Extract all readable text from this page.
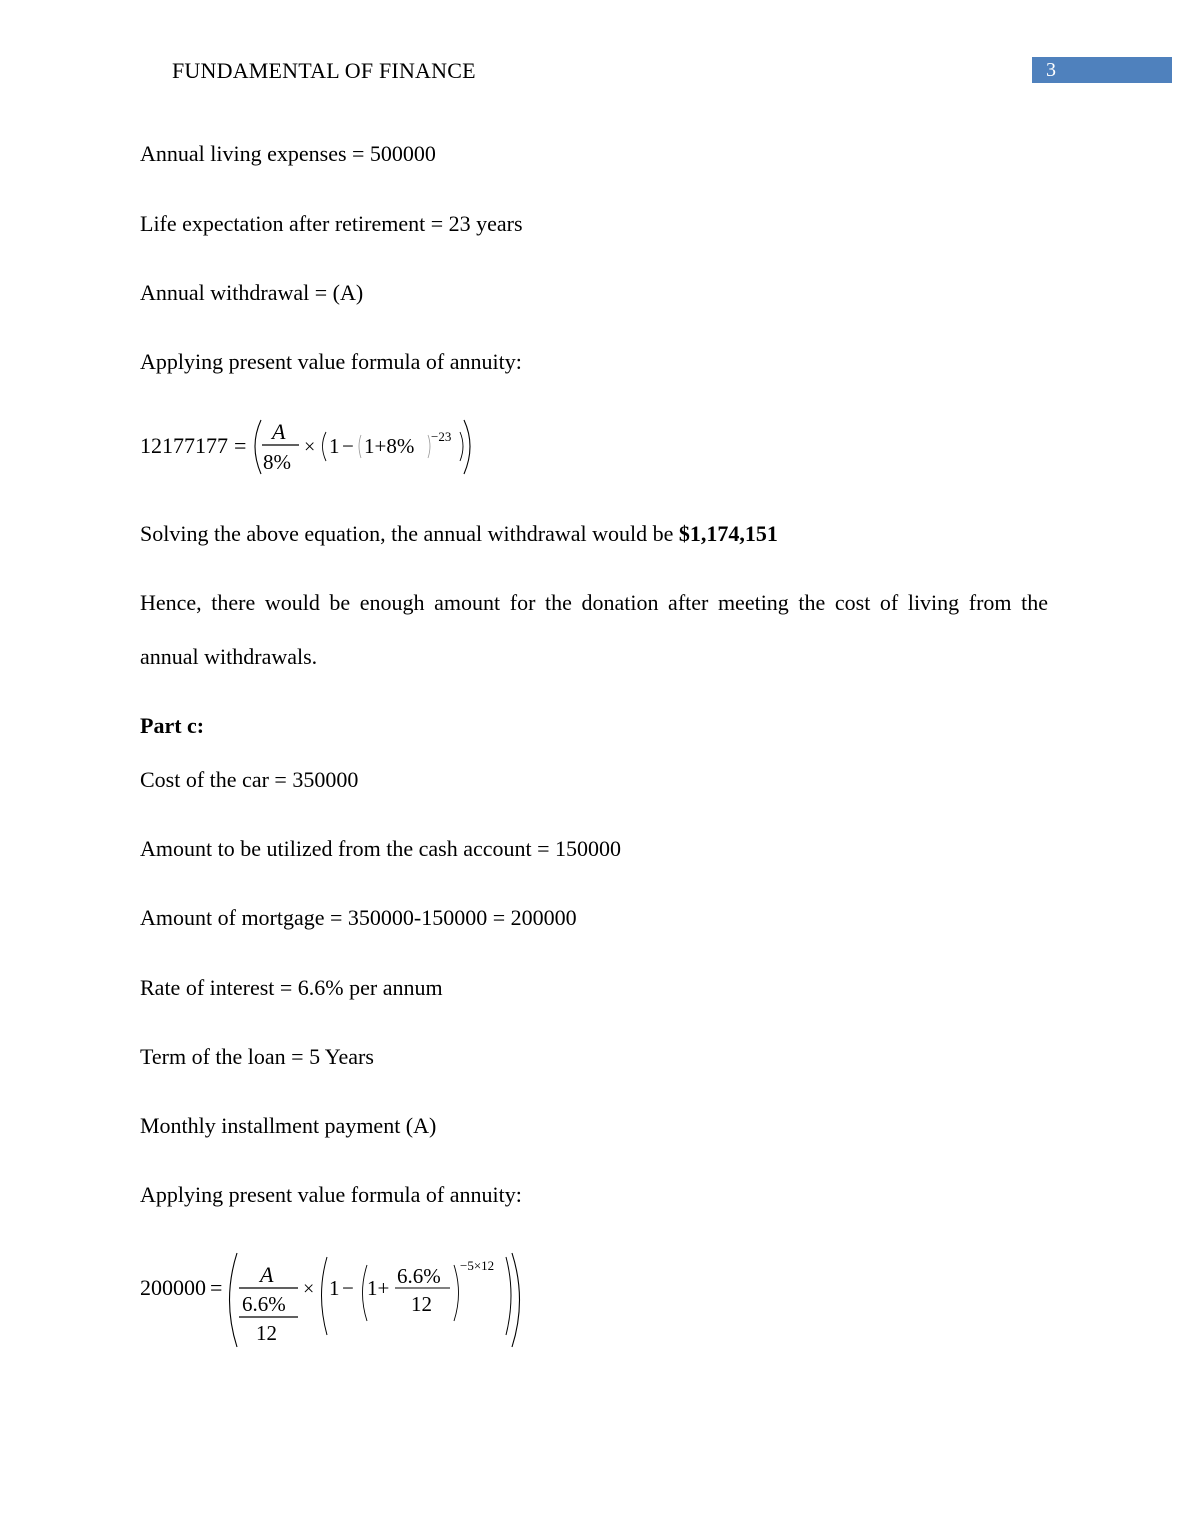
FUNDAMENTAL OF FINANCE	3
Annual living expenses = 500000
Life expectation after retirement = 23 years
Annual withdrawal = (A)
Applying present value formula of annuity:
12177177 =
A
8%
× 1 − 1+8% −23
Solving the above equation, the annual withdrawal would be $1,174,151
Hence, there would be enough amount for the donation after meeting the cost of living from the
annual withdrawals.
Part c:
Cost of the car = 350000
Amount to be utilized from the cash account = 150000
Amount of mortgage = 350000-150000 = 200000
Rate of interest = 6.6% per annum
Term of the loan = 5 Years
Monthly installment payment (A)
Applying present value formula of annuity:
200000 =
A
6.6%
12
× 1 − 1+ 6.6%
12
−5×12
